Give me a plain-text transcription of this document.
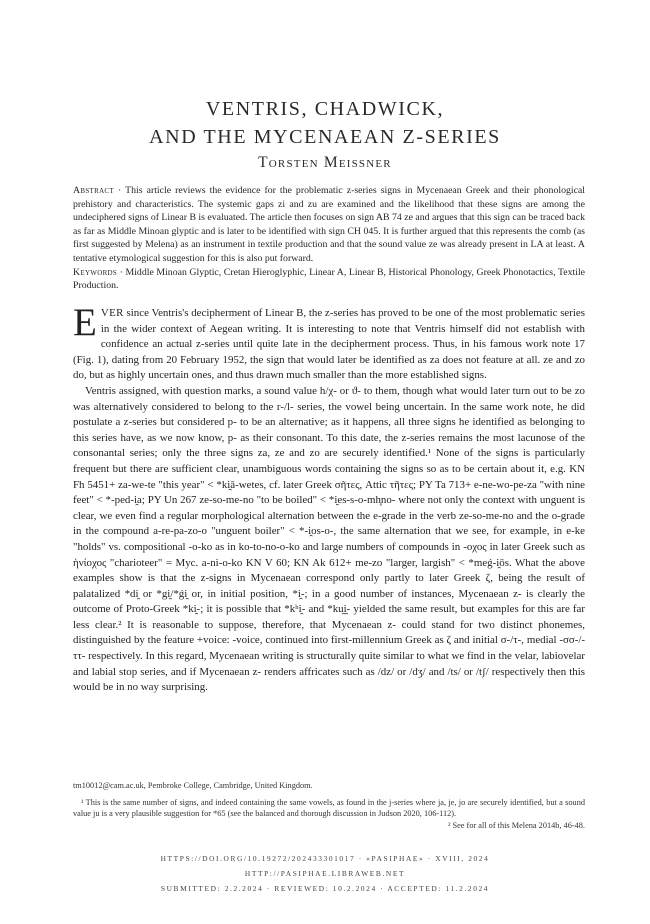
VENTRIS, CHADWICK,
AND THE MYCENAEAN Z-SERIES
Torsten Meissner

Abstract · This article reviews the evidence for the problematic z-series signs in Mycenaean Greek and their phonological prehistory and characteristics. The systemic gaps zi and zu are examined and the likelihood that these signs are among the undeciphered signs of Linear B is evaluated. The article then focuses on sign AB 74 ze and argues that this sign can be traced back as far as Middle Minoan glyptic and is later to be identified with sign CH 045. It is further argued that this represents the comb (as first suggested by Melena) as an instrument in textile production and that the sound value ze was already present in LA at least. A tentative etymological suggestion for this is also put forward.

Keywords · Middle Minoan Glyptic, Cretan Hieroglyphic, Linear A, Linear B, Historical Phonology, Greek Phonotactics, Textile Production.

EVER since Ventris's decipherment of Linear B, the z-series has proved to be one of the most problematic series in the wider context of Aegean writing. It is interesting to note that Ventris himself did not establish with confidence an actual z-series until quite late in the decipherment process. Thus, in his famous work note 17 (Fig. 1), dating from 20 February 1952, the sign that would later be identified as za does not feature at all. ze and zo do, but as highly uncertain ones, and thus drawn much smaller than the more established signs.

Ventris assigned, with question marks, a sound value h/χ- or ϑ- to them, though what would later turn out to be zo was alternatively considered to belong to the r-/l- series, the vowel being uncertain. In the same work note, he did postulate a z-series but considered p- to be an alternative; as it happens, all three signs he identified as belonging to this series have, as we now know, p- as their consonant. To this date, the z-series remains the most lacunose of the consonantal series; only the three signs za, ze and zo are securely identified.¹ None of the signs is particularly frequent but there are sufficient clear, unambiguous words containing the signs so as to be certain about it, e.g. KN Fh 5451+ za-we-te "this year" < *ki̯ā-wetes, cf. later Greek σῆτες, Attic τῆτες; PY Ta 713+ e-ne-wo-pe-za "with nine feet" < *-ped-i̯a; PY Un 267 ze-so-me-no "to be boiled" < *i̯es-s-o-mh̥no- where not only the context with unguent is clear, we even find a regular morphological alternation between the e-grade in the verb ze-so-me-no and the o-grade in the compound a-re-pa-zo-o "unguent boiler" < *-i̯os-o-, the same alternation that we see, for example, in e-ke "holds" vs. compositional -o-ko as in ko-to-no-o-ko and large numbers of compounds in -οχος in later Greek such as ἡνίοχος "charioteer" = Myc. a-ni-o-ko KN V 60; KN Ak 612+ me-zo "larger, largish" < *meǵ-i̯ōs. What the above examples show is that the z-signs in Mycenaean correspond only partly to later Greek ζ, being the result of palatalized *di̯ or *gi̯/*ǵi̯ or, in initial position, *i̯-; in a good number of instances, Mycenaean z- is clearly the outcome of Proto-Greek *ki̯-; it is possible that *kʰi̯- and *ku̯i̯- yielded the same result, but examples for this are far less clear.² It is reasonable to suppose, therefore, that Mycenaean z- could stand for two distinct phonemes, distinguished by the feature +voice: -voice, continued into first-millennium Greek as ζ and initial σ-/τ-, medial -σσ-/-ττ- respectively. In this regard, Mycenaean writing is structurally quite similar to what we find in the velar, labiovelar and labial stop series, and if Mycenaean z- renders affricates such as /dz/ or /dʒ/ and /ts/ or /tʃ/ respectively then this would be in no way surprising.

tm10012@cam.ac.uk, Pembroke College, Cambridge, United Kingdom.

¹ This is the same number of signs, and indeed containing the same vowels, as found in the j-series where ja, je, jo are securely identified, but a sound value ju is a very plausible suggestion for *65 (see the balanced and thorough discussion in Judson 2020, 106-112).

² See for all of this Melena 2014b, 46-48.

HTTPS://DOI.ORG/10.19272/202433301017 · «PASIPHAE» · XVIII, 2024
HTTP://PASIPHAE.LIBRAWEB.NET
SUBMITTED: 2.2.2024 · REVIEWED: 10.2.2024 · ACCEPTED: 11.2.2024
